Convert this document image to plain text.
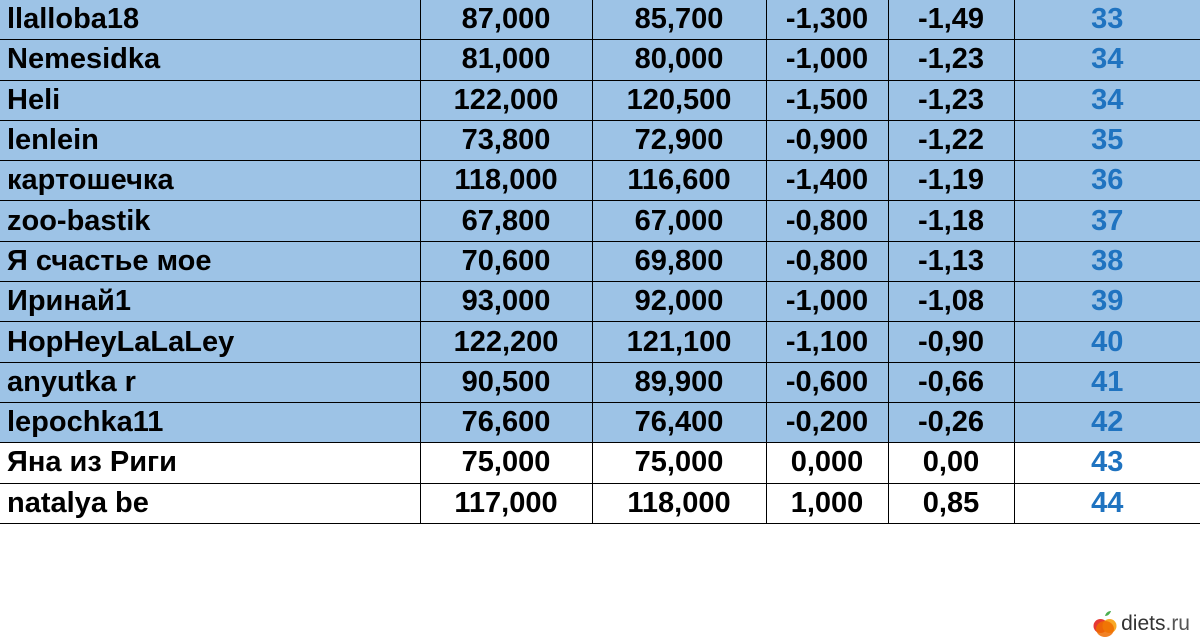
llalloba18	87,000	85,700	-1,300	-1,49	33
Nemesidka	81,000	80,000	-1,000	-1,23	34
Heli	122,000	120,500	-1,500	-1,23	34
lenlein	73,800	72,900	-0,900	-1,22	35
картошечка	118,000	116,600	-1,400	-1,19	36
zoo-bastik	67,800	67,000	-0,800	-1,18	37
Я счастье мое	70,600	69,800	-0,800	-1,13	38
Иринай1	93,000	92,000	-1,000	-1,08	39
HopHeyLaLaLey	122,200	121,100	-1,100	-0,90	40
anyutka r	90,500	89,900	-0,600	-0,66	41
lepochka11	76,600	76,400	-0,200	-0,26	42
Яна из Риги	75,000	75,000	0,000	0,00	43
natalya be	117,000	118,000	1,000	0,85	44
diets.ru
